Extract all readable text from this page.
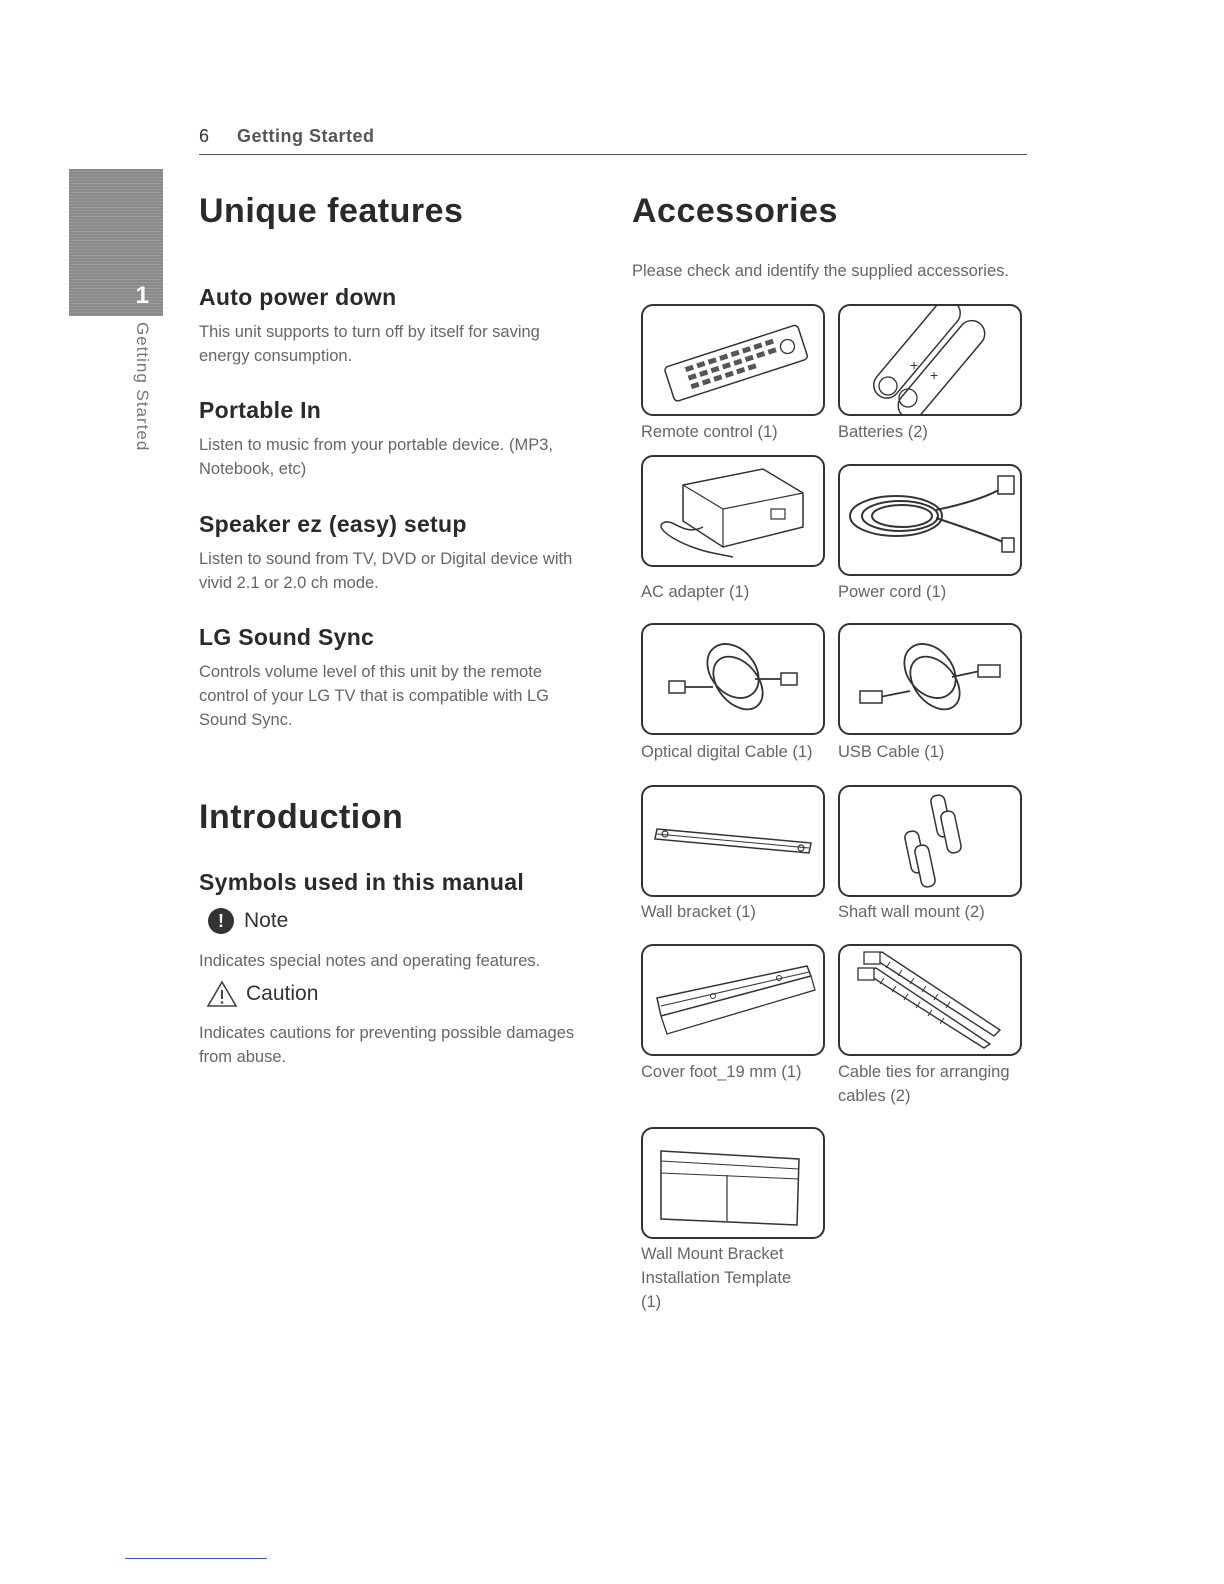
6 Getting Started
1
Getting Started
Unique features
Auto power down

This unit supports to turn off by itself for saving
energy consumption.

Portable In

Listen to music from your portable device. (MP3,
Notebook, etc)

Speaker ez (easy) setup

Listen to sound from TV, DVD or Digital device with
vivid 2.1 or 2.0 ch mode.

LG Sound Sync

Controls volume level of this unit by the remote
control of your LG TV that is compatible with LG
Sound Sync.

Introduction
Symbols used in this manual
! Note

Indicates special notes and operating features.

Caution

Indicates cautions for preventing possible damages
from abuse.

Accessories

Please check and identify the supplied accessories.

Remote control (1)
+
+
Batteries (2)
AC adapter (1)	Power cord (1)
Optical digital Cable (1)	USB Cable (1)
Wall bracket (1)	Shaft wall mount (2)
Cover foot_19 mm (1)	Cable ties for arranging
cables (2)
Wall Mount Bracket
Installation Template
(1)
